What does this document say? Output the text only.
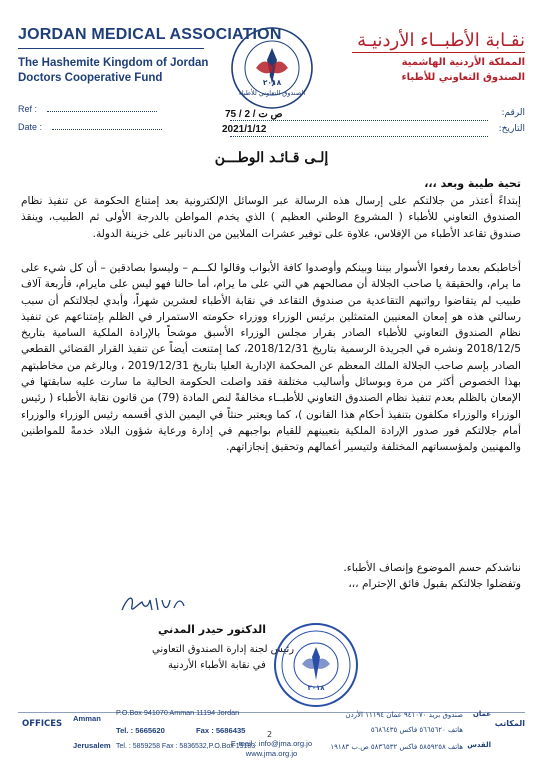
JORDAN MEDICAL ASSOCIATION
The Hashemite Kingdom of Jordan
Doctors Cooperative Fund
Ref :
Date :
نقـابة الأطبــاء الأردنيـة
المملكة الأردنية الهاشمية
الصندوق التعاوني للأطباء
الرقم:
التاريخ:
ص ت / 2 / 75
2021/1/12
٢٠١٨
الصندوق التعاوني للأطباء
إلـى قـائـد الوطـــن
تحية طيبة وبعد ،،،
إبتداءً أعتذر من جلالتكم على إرسال هذه الرسالة عبر الوسائل الإلكترونية بعد إمتناع الحكومة عن تنفيذ نظام الصندوق التعاوني للأطباء ( المشروع الوطني العظيم ) الذي يخدم المواطن بالدرجة الأولى ثم الطبيب، وينقذ صندوق تقاعد الأطباء من الإفلاس، علاوة على توفير عشرات الملايين من الدنانير على خزينة الدولة.
أخاطبكم بعدما رفعوا الأسوار بيننا وبينكم وأوصدوا كافة الأبواب وقالوا لكـــم – وليسوا بصادقين – أن كل شيء على ما يرام، والحقيقة يا صاحب الجلالة أن مصالحهم هي التي على ما يرام، أما حالنا فهو ليس على مايرام، فأربعة آلاف طبيب لم يتقاضوا رواتبهم التقاعدية من صندوق التقاعد في نقابة الأطباء لعشرين شهراً، وأبدي لجلالتكم أن سبب رسالتي هذه هو إمعان المعنيين المتمثلين برئيس الوزراء ووزراء حكومته الاستمرار في الظلم بإمتناعهم عن تنفيذ نظام الصندوق التعاوني للأطباء الصادر بقرار مجلس الوزراء الأسبق موشحاً بالإرادة الملكية السامية بتاريخ 2018/12/5 ونشره في الجريدة الرسمية بتاريخ 2018/12/31، كما إمتنعت أيضاً عن تنفيذ القرار القضائي القطعي الصادر بإسم صاحب الجلالة الملك المعظم عن المحكمة الإدارية العليا بتاريخ 2019/12/31 ، وبالرغم من مخاطبتهم بهذا الخصوص أكثر من مرة وبوسائل وأساليب مختلفة فقد واصلت الحكومة الحالية ما سارت عليه سابقتها في الإمعان بالظلم بعدم تنفيذ نظام الصندوق التعاوني للأطبــاء مخالفةً لنص المادة (79) من قانون نقابة الأطباء ( رئيس الوزراء والوزراء مكلفون بتنفيذ أحكام هذا القانون )، كما ويعتبر حنثاً في اليمين الذي أقسمه رئيس الوزراء والوزراء أمام جلالتكم فور صدور الإرادة الملكية بتعيينهم للقيام بواجبهم في إدارة ورعاية شؤون البلاد خدمةً للمواطنين والمهنيين ولمؤسساتهم المختلفة ولتيسير أعمالهم وتحقيق إنجازاتهم.
نناشدكم حسم الموضوع وإنصاف الأطباء.
وتفضلوا جلالتكم بقبول فائق الإحترام ،،،
الدكتور حيدر المدني
رئيس لجنة إدارة الصندوق التعاوني
في نقابة الأطباء الأردنية
٢٠١٨
OFFICES
Amman
Jerusalem
P.O.Box 941070 Amman 11194 Jordan
Tel. : 5665620	Fax : 5686435
Tel. : 5859258 Fax : 5836532,P.O.Box 19183
المكاتب
عمان
القدس
صندوق بريد ٩٤١٠٧٠ عمان ١١١٩٤ الأردن
هاتف ٥٦٦٥٦٢٠ فاكس ٥٦٨٦٤٣٥
هاتف ٥٨٥٩٢٥٨ فاكس ٥٨٣٦٥٣٢ ص.ب ١٩١٨٣
2
E-mail : info@jma.org.jo
www.jma.org.jo
